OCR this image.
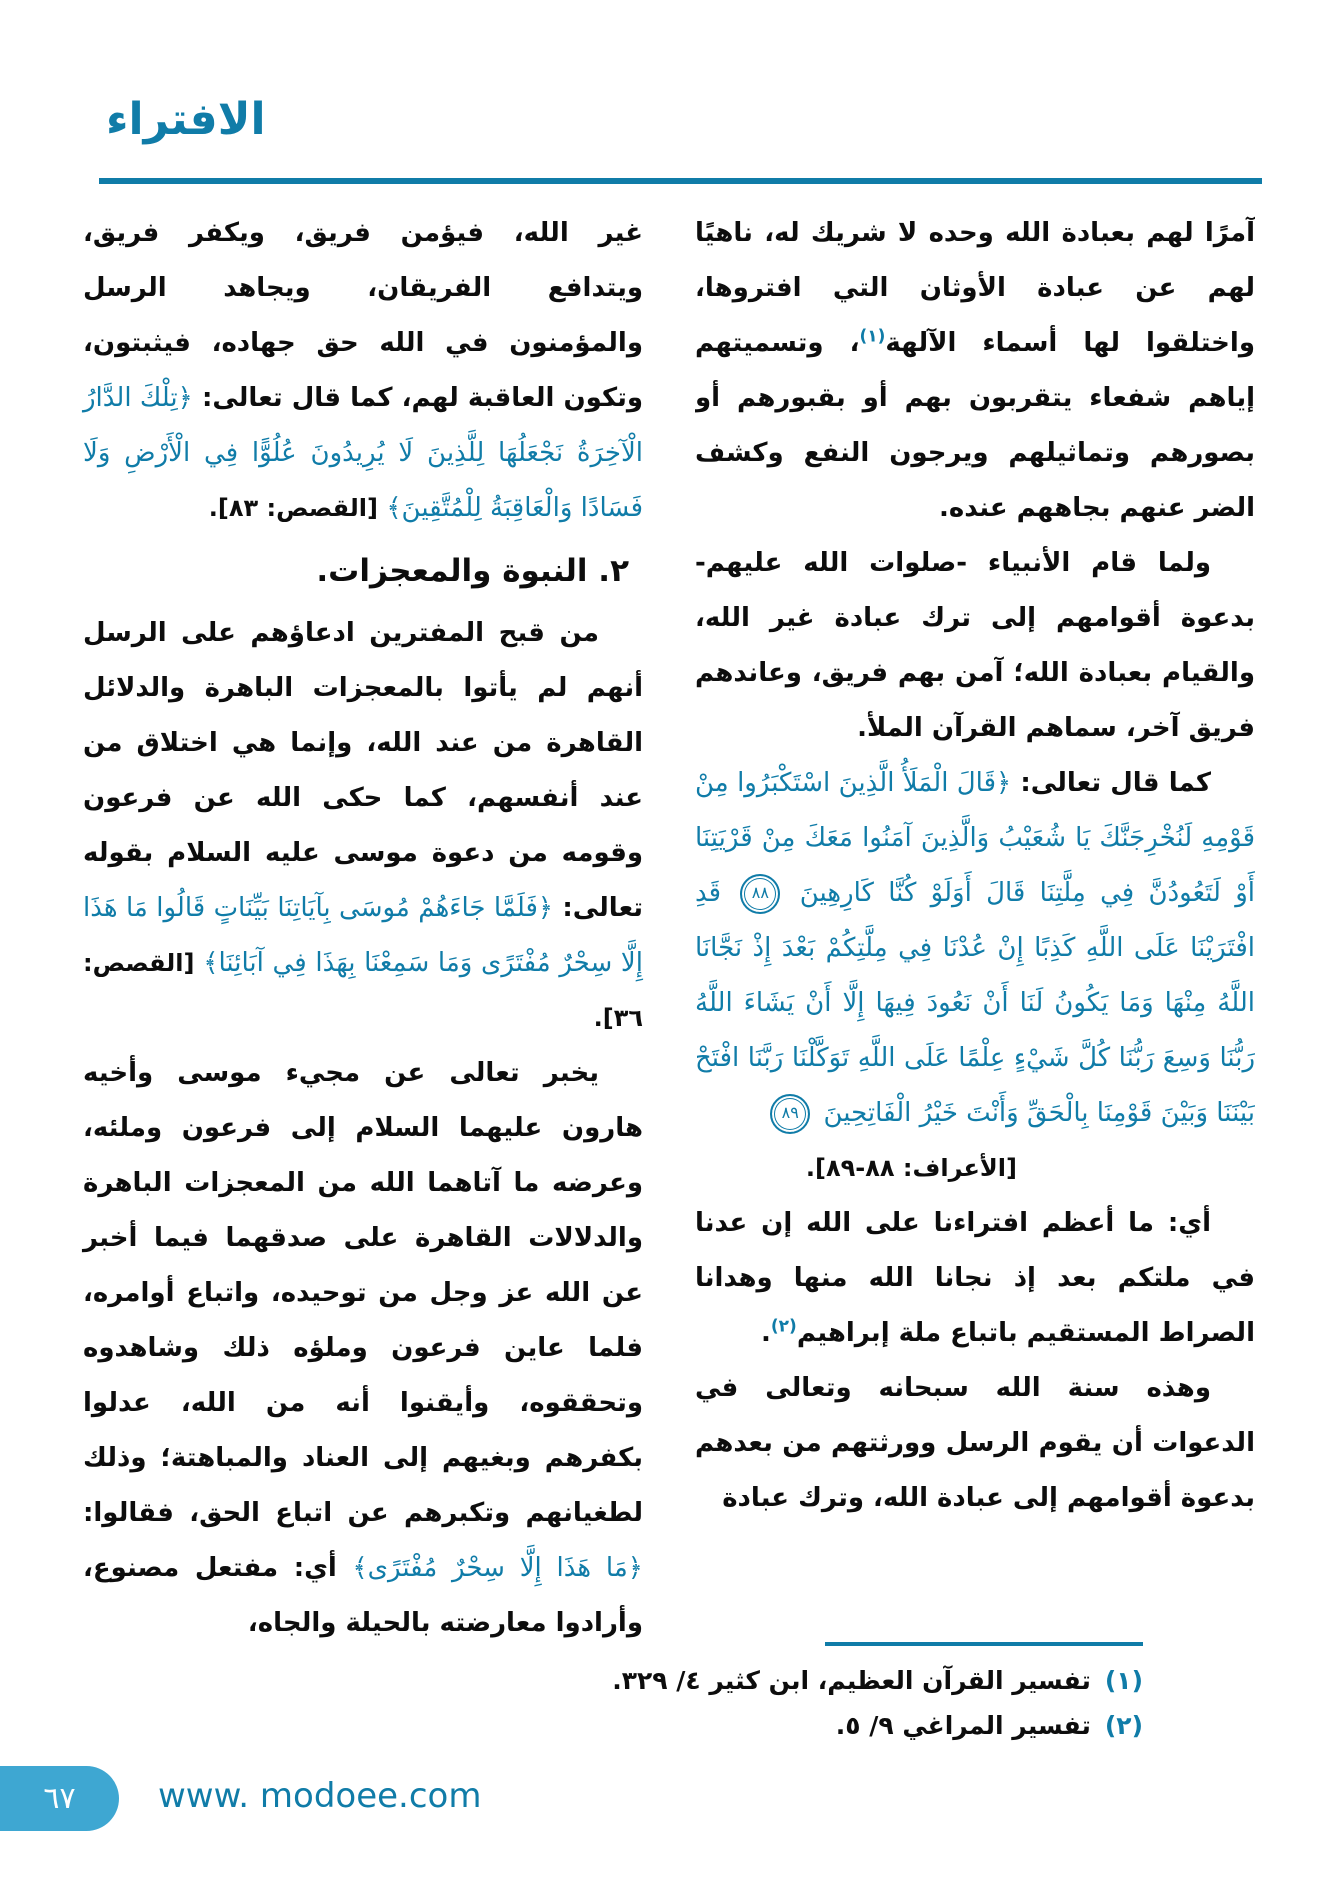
الافتراء

آمرًا لهم بعبادة الله وحده لا شريك له، ناهيًا لهم عن عبادة الأوثان التي افتروها، واختلقوا لها أسماء الآلهة$^{(١)}$، وتسميتهم إياهم شفعاء يتقربون بهم أو بقبورهم أو بصورهم وتماثيلهم ويرجون النفع وكشف الضر عنهم بجاههم عنده.

ولما قام الأنبياء -صلوات الله عليهم- بدعوة أقوامهم إلى ترك عبادة غير الله، والقيام بعبادة الله؛ آمن بهم فريق، وعاندهم فريق آخر، سماهم القرآن الملأ.

كما قال تعالى: ﴿قَالَ الْمَلَأُ الَّذِينَ اسْتَكْبَرُوا مِنْ قَوْمِهِ لَنُخْرِجَنَّكَ يَا شُعَيْبُ وَالَّذِينَ آمَنُوا مَعَكَ مِنْ قَرْيَتِنَا أَوْ لَتَعُودُنَّ فِي مِلَّتِنَا قَالَ أَوَلَوْ كُنَّا كَارِهِينَ ٨٨ قَدِ افْتَرَيْنَا عَلَى اللَّهِ كَذِبًا إِنْ عُدْنَا فِي مِلَّتِكُمْ بَعْدَ إِذْ نَجَّانَا اللَّهُ مِنْهَا وَمَا يَكُونُ لَنَا أَنْ نَعُودَ فِيهَا إِلَّا أَنْ يَشَاءَ اللَّهُ رَبُّنَا وَسِعَ رَبُّنَا كُلَّ شَيْءٍ عِلْمًا عَلَى اللَّهِ تَوَكَّلْنَا رَبَّنَا افْتَحْ بَيْنَنَا وَبَيْنَ قَوْمِنَا بِالْحَقِّ وَأَنْتَ خَيْرُ الْفَاتِحِينَ ٨٩

[الأعراف: ٨٨-٨٩].

أي: ما أعظم افتراءنا على الله إن عدنا في ملتكم بعد إذ نجانا الله منها وهدانا الصراط المستقيم باتباع ملة إبراهيم$^{(٢)}$.

وهذه سنة الله سبحانه وتعالى في الدعوات أن يقوم الرسل وورثتهم من بعدهم بدعوة أقوامهم إلى عبادة الله، وترك عبادة

غير الله، فيؤمن فريق، ويكفر فريق، ويتدافع الفريقان، ويجاهد الرسل والمؤمنون في الله حق جهاده، فيثبتون، وتكون العاقبة لهم، كما قال تعالى: ﴿تِلْكَ الدَّارُ الْآخِرَةُ نَجْعَلُهَا لِلَّذِينَ لَا يُرِيدُونَ عُلُوًّا فِي الْأَرْضِ وَلَا فَسَادًا وَالْعَاقِبَةُ لِلْمُتَّقِينَ﴾ [القصص: ٨٣].

٢. النبوة والمعجزات.

من قبح المفترين ادعاؤهم على الرسل أنهم لم يأتوا بالمعجزات الباهرة والدلائل القاهرة من عند الله، وإنما هي اختلاق من عند أنفسهم، كما حكى الله عن فرعون وقومه من دعوة موسى عليه السلام بقوله تعالى: ﴿فَلَمَّا جَاءَهُمْ مُوسَى بِآيَاتِنَا بَيِّنَاتٍ قَالُوا مَا هَذَا إِلَّا سِحْرٌ مُفْتَرًى وَمَا سَمِعْنَا بِهَذَا فِي آبَائِنَا﴾ [القصص: ٣٦].

يخبر تعالى عن مجيء موسى وأخيه هارون عليهما السلام إلى فرعون وملئه، وعرضه ما آتاهما الله من المعجزات الباهرة والدلالات القاهرة على صدقهما فيما أخبر عن الله عز وجل من توحيده، واتباع أوامره، فلما عاين فرعون وملؤه ذلك وشاهدوه وتحققوه، وأيقنوا أنه من الله، عدلوا بكفرهم وبغيهم إلى العناد والمباهتة؛ وذلك لطغيانهم وتكبرهم عن اتباع الحق، فقالوا: ﴿مَا هَذَا إِلَّا سِحْرٌ مُفْتَرًى﴾ أي: مفتعل مصنوع، وأرادوا معارضته بالحيلة والجاه،

(١)
تفسير القرآن العظيم، ابن كثير ٤/ ٣٢٩.
(٢)
تفسير المراغي ٩/ ٥.
٦٧ www. modoee.com
